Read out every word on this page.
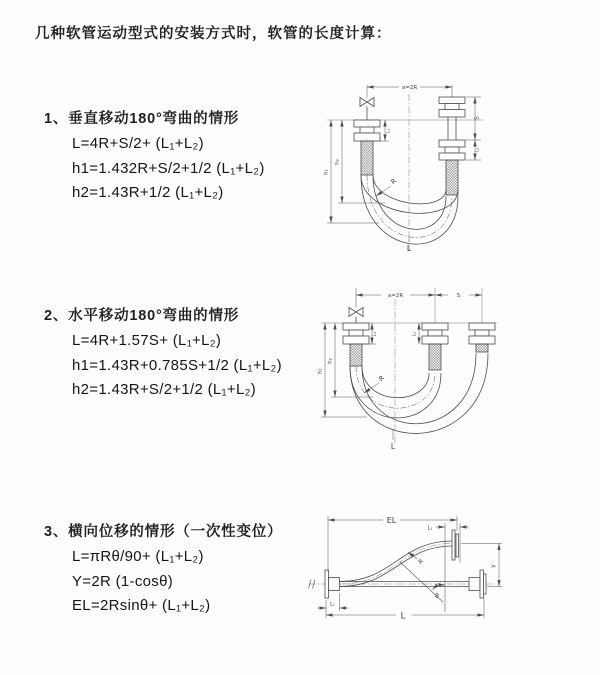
几种软管运动型式的安装方式时，软管的长度计算：
1、垂直移动180°弯曲的情形
L=4R+S/2+ (L₁+L₂)
h1=1.432R+S/2+1/2 (L₁+L₂)
h2=1.43R+1/2 (L₁+L₂)
2、水平移动180°弯曲的情形
L=4R+1.57S+ (L₁+L₂)
h1=1.43R+0.785S+1/2 (L₁+L₂)
h2=1.43R+S/2+1/2 (L₁+L₂)
3、横向位移的情形（一次性变位）
L=πRθ/90+ (L₁+L₂)
Y=2R (1-cosθ)
EL=2Rsinθ+ (L₁+L₂)
a=2R
S
L₁
L₁
h₁
h₂
R
L
a=2R	S
L₁	L₁
h₁
h₂
R
L
EL
L₁
L₁
Y
R
θ
L
